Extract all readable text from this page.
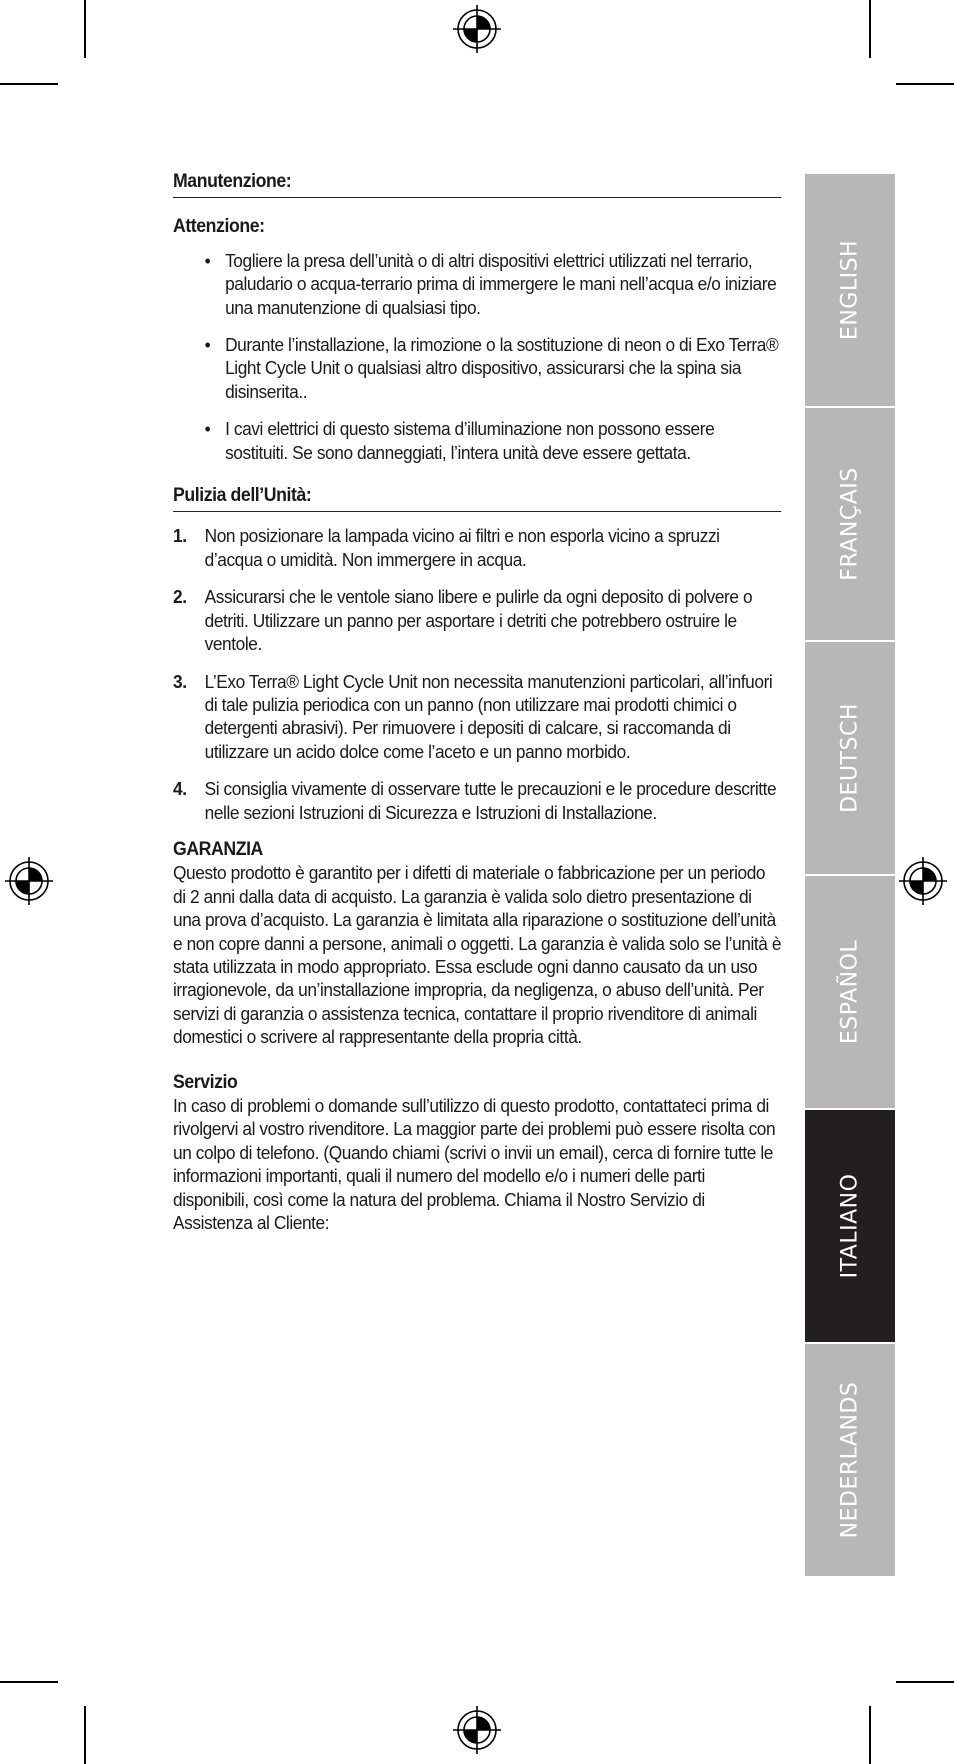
Manutenzione:
Attenzione:
• Togliere la presa dell’unità o di altri dispositivi elettrici utilizzati nel terrario, paludario o acqua-terrario prima di immergere le mani nell’acqua e/o iniziare una manutenzione di qualsiasi tipo.
• Durante l’installazione, la rimozione o la sostituzione di neon o di Exo Terra® Light Cycle Unit o qualsiasi altro dispositivo, assicurarsi che la spina sia disinserita..
• I cavi elettrici di questo sistema d’illuminazione non possono essere sostituiti. Se sono danneggiati, l’intera unità deve essere gettata.
Pulizia dell’Unità:
1. Non posizionare la lampada vicino ai filtri e non esporla vicino a spruzzi d’acqua o umidità. Non immergere in acqua.
2. Assicurarsi che le ventole siano libere e pulirle da ogni deposito di polvere o detriti. Utilizzare un panno per asportare i detriti che potrebbero ostruire le ventole.
3. L’Exo Terra® Light Cycle Unit non necessita manutenzioni particolari, all’infuori di tale pulizia periodica con un panno (non utilizzare mai prodotti chimici o detergenti abrasivi). Per rimuovere i depositi di calcare, si raccomanda di utilizzare un acido dolce come l’aceto e un panno morbido.
4. Si consiglia vivamente di osservare tutte le precauzioni e le procedure descritte nelle sezioni Istruzioni di Sicurezza e Istruzioni di Installazione.
GARANZIA

Questo prodotto è garantito per i difetti di materiale o fabbricazione per un periodo di 2 anni dalla data di acquisto. La garanzia è valida solo dietro presentazione di una prova d’acquisto. La garanzia è limitata alla riparazione o sostituzione dell’unità e non copre danni a persone, animali o oggetti. La garanzia è valida solo se l’unità è stata utilizzata in modo appropriato. Essa esclude ogni danno causato da un uso irragionevole, da un’installazione impropria, da negligenza, o abuso dell’unità. Per servizi di garanzia o assistenza tecnica, contattare il proprio rivenditore di animali domestici o scrivere al rappresentante della propria città.

Servizio

In caso di problemi o domande sull’utilizzo di questo prodotto, contattateci prima di rivolgervi al vostro rivenditore. La maggior parte dei problemi può essere risolta con un colpo di telefono. (Quando chiami (scrivi o invii un email), cerca di fornire tutte le informazioni importanti, quali il numero del modello e/o i numeri delle parti disponibili, così come la natura del problema. Chiama il Nostro Servizio di Assistenza al Cliente:

ENGLISH
FRANÇAIS
DEUTSCH
ESPAÑOL
ITALIANO
NEDERLANDS
